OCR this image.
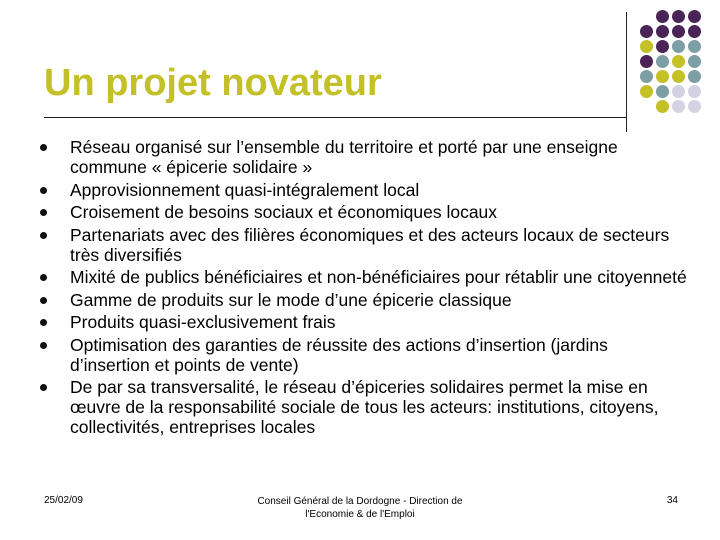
Un projet novateur
Réseau organisé sur l’ensemble du territoire et porté par une enseigne commune « épicerie solidaire »
Approvisionnement quasi-intégralement local
Croisement de besoins sociaux et économiques locaux
Partenariats avec des filières économiques et des acteurs locaux de secteurs très diversifiés
Mixité de publics bénéficiaires et non-bénéficiaires pour rétablir une citoyenneté
Gamme de produits sur le mode d’une épicerie classique
Produits quasi-exclusivement frais
Optimisation des garanties de réussite des actions d’insertion (jardins d’insertion et points de vente)
De par sa transversalité, le réseau d’épiceries solidaires permet la mise en œuvre de la responsabilité sociale de tous les acteurs: institutions, citoyens, collectivités, entreprises locales
25/02/09	Conseil Général de la Dordogne - Direction de
l'Economie & de l'Emploi
34
